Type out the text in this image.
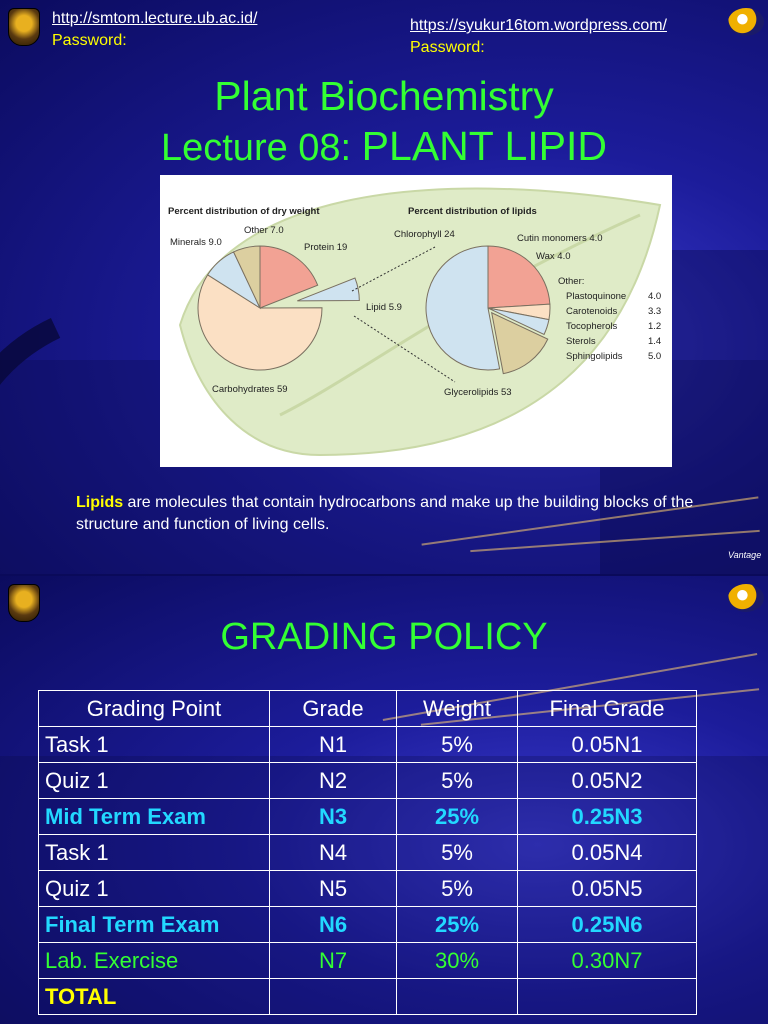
http://smtom.lecture.ub.ac.id/
Password:
https://syukur16tom.wordpress.com/
Password:
Plant Biochemistry
Lecture 08: PLANT LIPID
Percent distribution of dry weight	Percent distribution of lipids
Other 7.0
Minerals 9.0	Protein 19
Lipid 5.9
Carbohydrates 59
Chlorophyll 24	Cutin monomers 4.0
Wax 4.0
Other:
Glycerolipids 53
Plastoquinone 4.0
Carotenoids	3.3
Tocopherols	1.2
Sterols	1.4
Sphingolipids	5.0
Lipids are molecules that contain hydrocarbons and make up the building blocks of the structure and function of living cells.
Vantage
GRADING POLICY
Grading Point	Grade	Weight	Final Grade
Task 1	N1	5%	0.05N1
Quiz 1	N2	5%	0.05N2
Mid Term Exam	N3	25%	0.25N3
Task 1	N4	5%	0.05N4
Quiz 1	N5	5%	0.05N5
Final Term Exam	N6	25%	0.25N6
Lab. Exercise	N7	30%	0.30N7
TOTAL			
